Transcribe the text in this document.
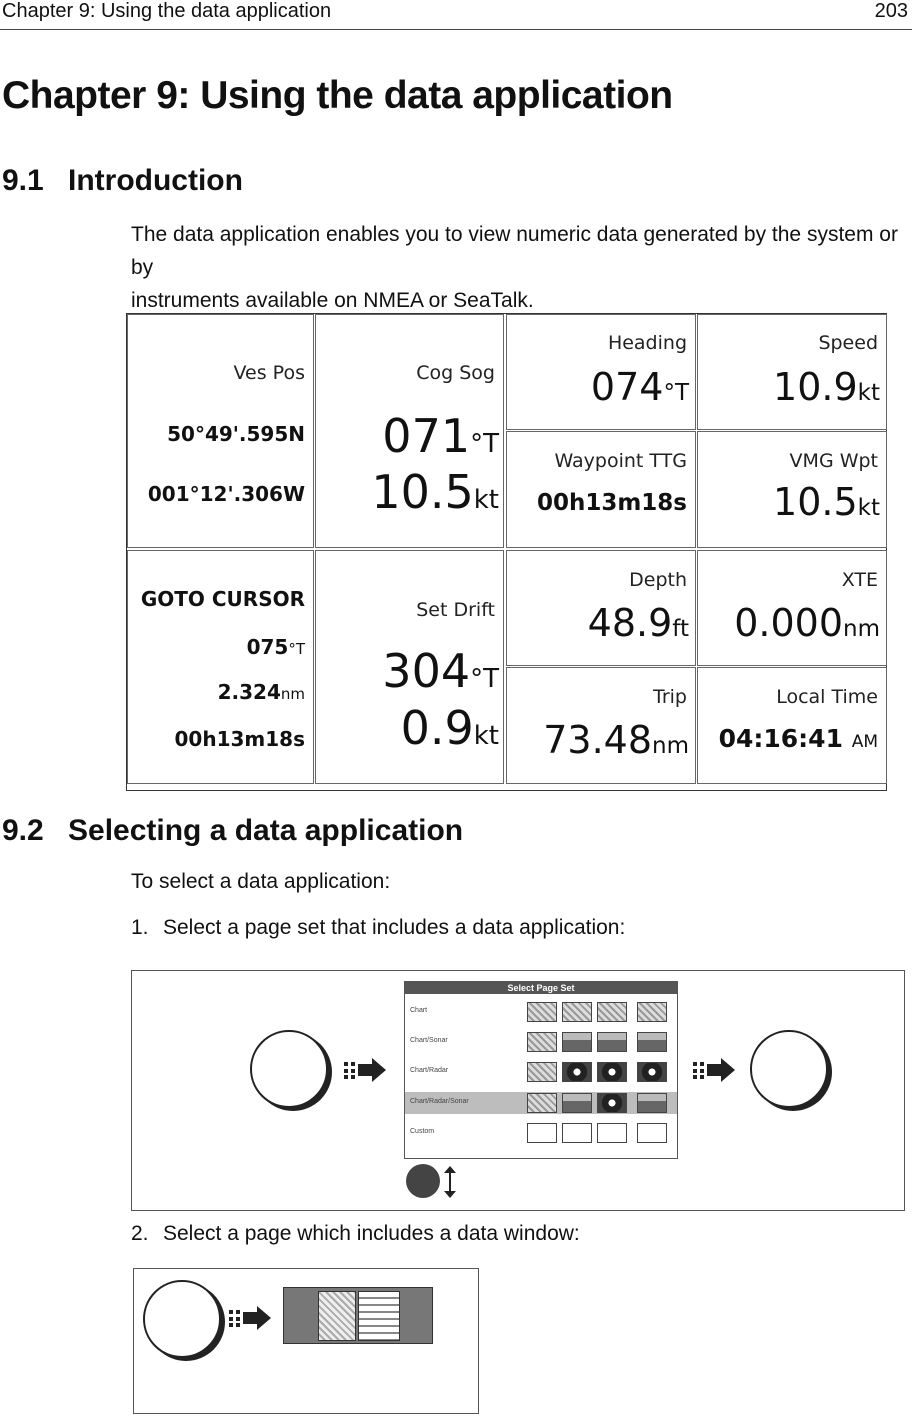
Chapter 9: Using the data application	203
Chapter 9: Using the data application
9.1 Introduction
The data application enables you to view numeric data generated by the system or by
instruments available on NMEA or SeaTalk.
Ves Pos
50°49'.595N
001°12'.306W
Cog Sog
071°T
10.5kt
Heading
074°T
Speed
10.9kt
Waypoint TTG
00h13m18s
VMG Wpt
10.5kt
GOTO CURSOR
075°T
2.324nm
00h13m18s
Set Drift
304°T
0.9kt
Depth
48.9ft
XTE
0.000nm
Trip
73.48nm
Local Time
04:16:41 AM
9.2 Selecting a data application
To select a data application:
1. Select a page set that includes a data application:
Select Page Set
Chart
Chart/Sonar
Chart/Radar
Chart/Radar/Sonar
Custom
2. Select a page which includes a data window:
